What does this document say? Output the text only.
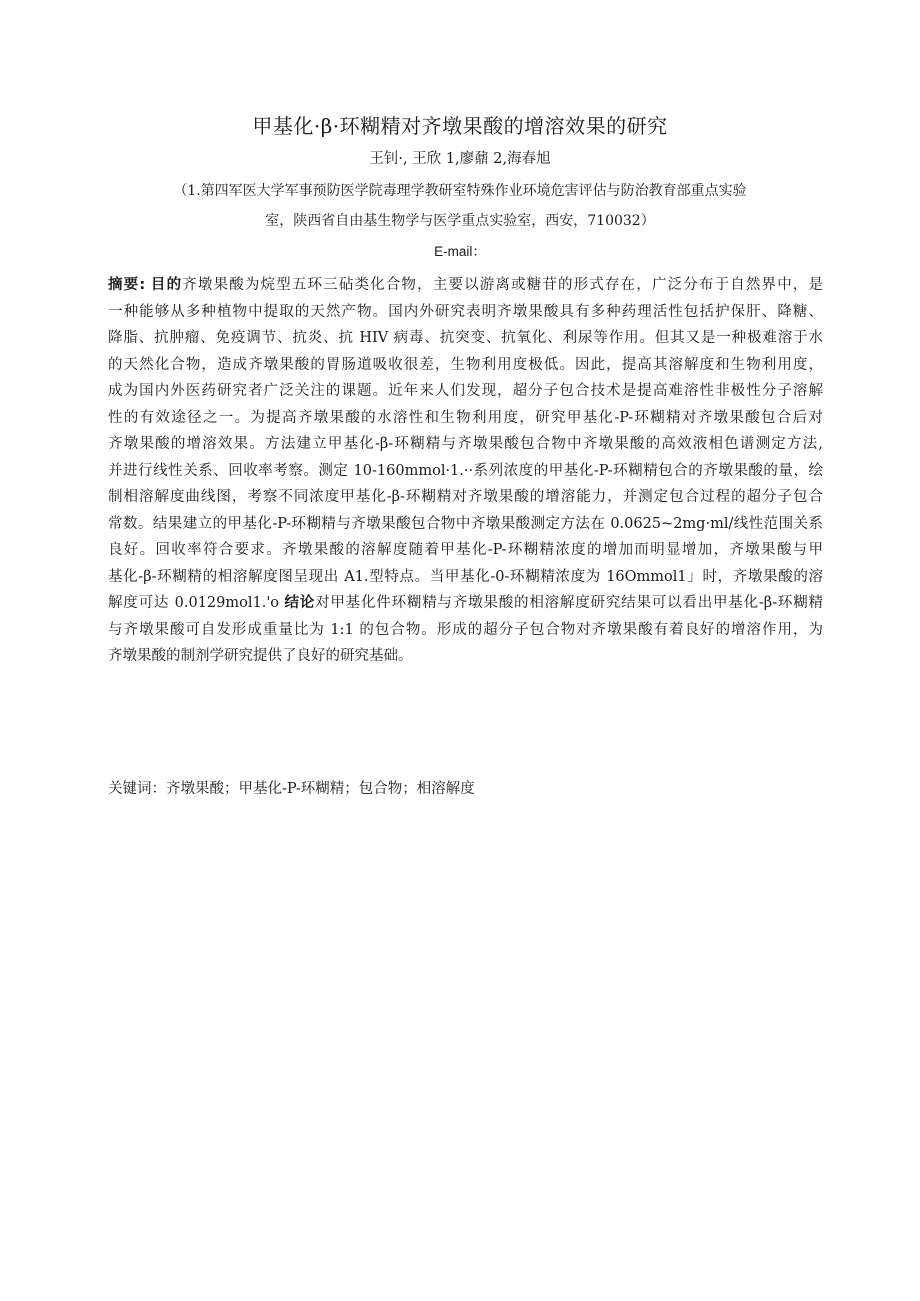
甲基化·β·环糊精对齐墩果酸的增溶效果的研究
王钊·, 王欣 1,廖鼐 2,海春旭
（1.第四军医大学军事预防医学院毒理学教研室特殊作业环境危害评估与防治教育部重点实验
室，陕西省自由基生物学与医学重点实验室，西安，710032）
E-mail：
摘要: 目的齐墩果酸为烷型五环三砧类化合物，主要以游离或糖苷的形式存在，广泛分布于自然界中，是
一种能够从多种植物中提取的天然产物。国内外研究表明齐墩果酸具有多种药理活性包括护保肝、降糖、
降脂、抗肿瘤、免疫调节、抗炎、抗 HIV 病毒、抗突变、抗氧化、利尿等作用。但其又是一种极难溶于水
的天然化合物，造成齐墩果酸的胃肠道吸收很差，生物利用度极低。因此，提高其溶解度和生物利用度，
成为国内外医药研究者广泛关注的课题。近年来人们发现，超分子包合技术是提高难溶性非极性分子溶解
性的有效途径之一。为提高齐墩果酸的水溶性和生物利用度，研究甲基化-P-环糊精对齐墩果酸包合后对
齐墩果酸的增溶效果。方法建立甲基化-β-环糊精与齐墩果酸包合物中齐墩果酸的高效液相色谱测定方法,
并进行线性关系、回收率考察。测定 10-160mmol·1.··系列浓度的甲基化-P-环糊精包合的齐墩果酸的量，绘
制相溶解度曲线图，考察不同浓度甲基化-β-环糊精对齐墩果酸的增溶能力，并测定包合过程的超分子包合
常数。结果建立的甲基化-P-环糊精与齐墩果酸包合物中齐墩果酸测定方法在 0.0625~2mg·ml/线性范围关系
良好。回收率符合要求。齐墩果酸的溶解度随着甲基化-P-环糊精浓度的增加而明显增加，齐墩果酸与甲
基化-β-环糊精的相溶解度图呈现出 A1.型特点。当甲基化-0-环糊精浓度为 16Ommol1」时，齐墩果酸的溶
解度可达 0.0129mol1.'o 结论对甲基化件环糊精与齐墩果酸的相溶解度研究结果可以看出甲基化-β-环糊精
与齐墩果酸可自发形成重量比为 1:1 的包合物。形成的超分子包合物对齐墩果酸有着良好的增溶作用，为
齐墩果酸的制剂学研究提供了良好的研究基础。
关键词：齐墩果酸；甲基化-P-环糊精；包合物；相溶解度
